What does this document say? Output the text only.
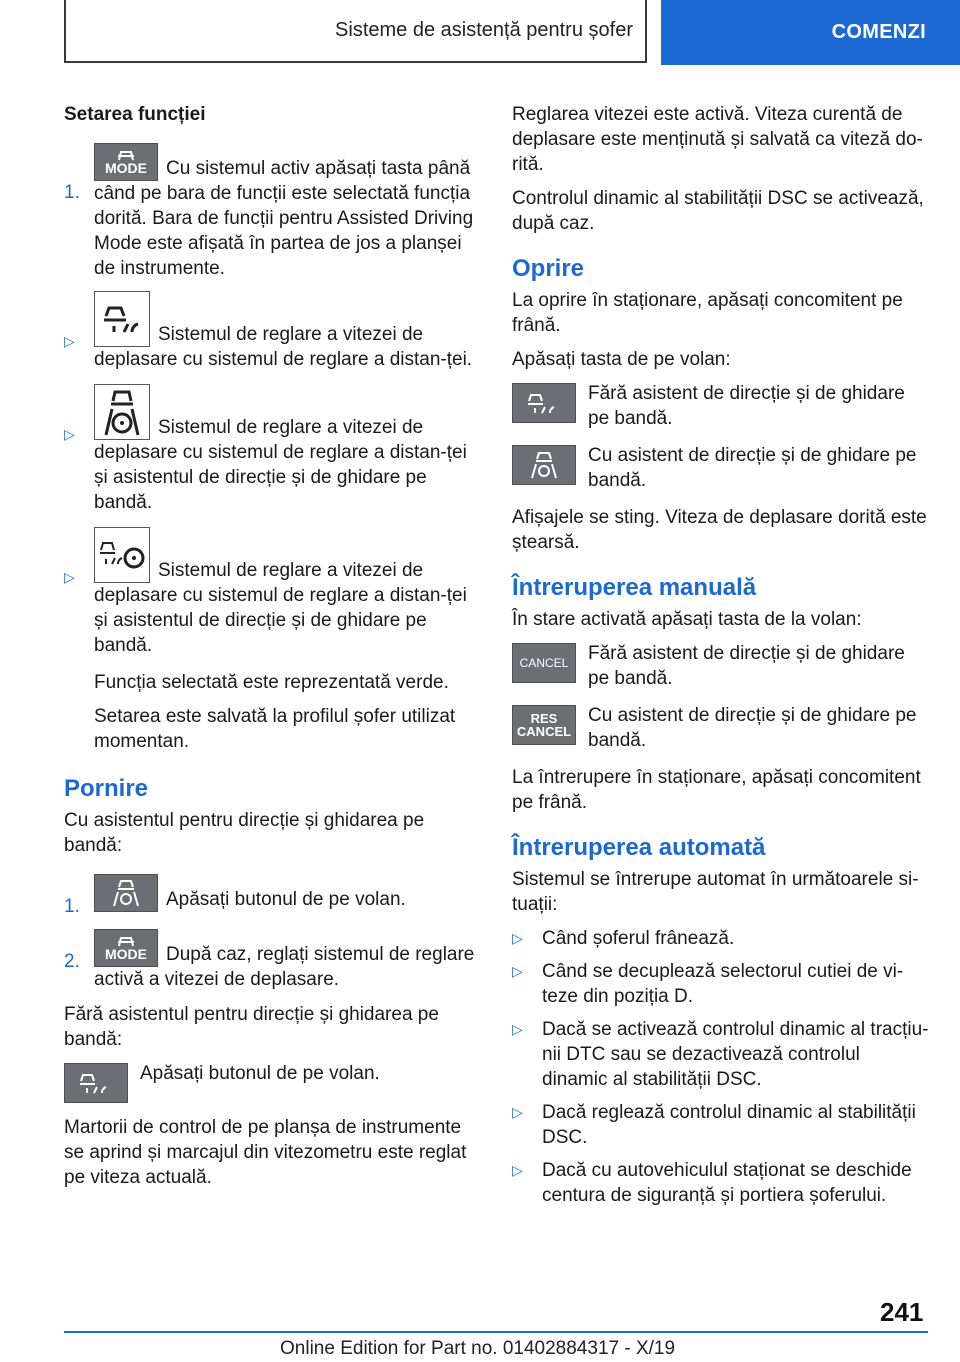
Sisteme de asistență pentru șofer	COMENZI
Setarea funcției
1.
MODE Cu sistemul activ apăsați tasta până când pe bara de funcții este selectată funcția dorită. Bara de funcții pentru Assisted Driving Mode este afișată în partea de jos a planșei de instrumente.
▷	Sistemul de reglare a vitezei de deplasare cu sistemul de reglare a distan-ței.
▷	Sistemul de reglare a vitezei de deplasare cu sistemul de reglare a distan-ței și asistentul de direcție și de ghidare pe bandă.
▷	Sistemul de reglare a vitezei de deplasare cu sistemul de reglare a distan-ței și asistentul de direcție și de ghidare pe bandă.

Funcția selectată este reprezentată verde.

Setarea este salvată la profilul șofer utilizat momentan.

Pornire

Cu asistentul pentru direcție și ghidarea pe bandă:

1.	Apăsați butonul de pe volan.
2.	MODE După caz, reglați sistemul de reglare activă a vitezei de deplasare.

Fără asistentul pentru direcție și ghidarea pe bandă:

Apăsați butonul de pe volan.

Martorii de control de pe planșa de instrumente se aprind și marcajul din vitezometru este reglat pe viteza actuală.

Reglarea vitezei este activă. Viteza curentă de deplasare este menținută și salvată ca viteză do-rită.

Controlul dinamic al stabilității DSC se activează, după caz.

Oprire

La oprire în staționare, apăsați concomitent pe frână.

Apăsați tasta de pe volan:

Fără asistent de direcție și de ghidare pe bandă.
Cu asistent de direcție și de ghidare pe bandă.

Afișajele se sting. Viteza de deplasare dorită este ștearsă.

Întreruperea manuală

În stare activată apăsați tasta de la volan:

CANCEL Fără asistent de direcție și de ghidare pe bandă.
RES
CANCEL
Cu asistent de direcție și de ghidare pe bandă.

La întrerupere în staționare, apăsați concomitent pe frână.

Întreruperea automată

Sistemul se întrerupe automat în următoarele si-tuații:

▷	Când șoferul frânează.
▷	Când se decuplează selectorul cutiei de vi-teze din poziția D.
▷	Dacă se activează controlul dinamic al tracțiu-nii DTC sau se dezactivează controlul dinamic al stabilității DSC.
▷	Dacă reglează controlul dinamic al stabilității DSC.
▷	Dacă cu autovehiculul staționat se deschide centura de siguranță și portiera șoferului.
241
Online Edition for Part no. 01402884317 - X/19
